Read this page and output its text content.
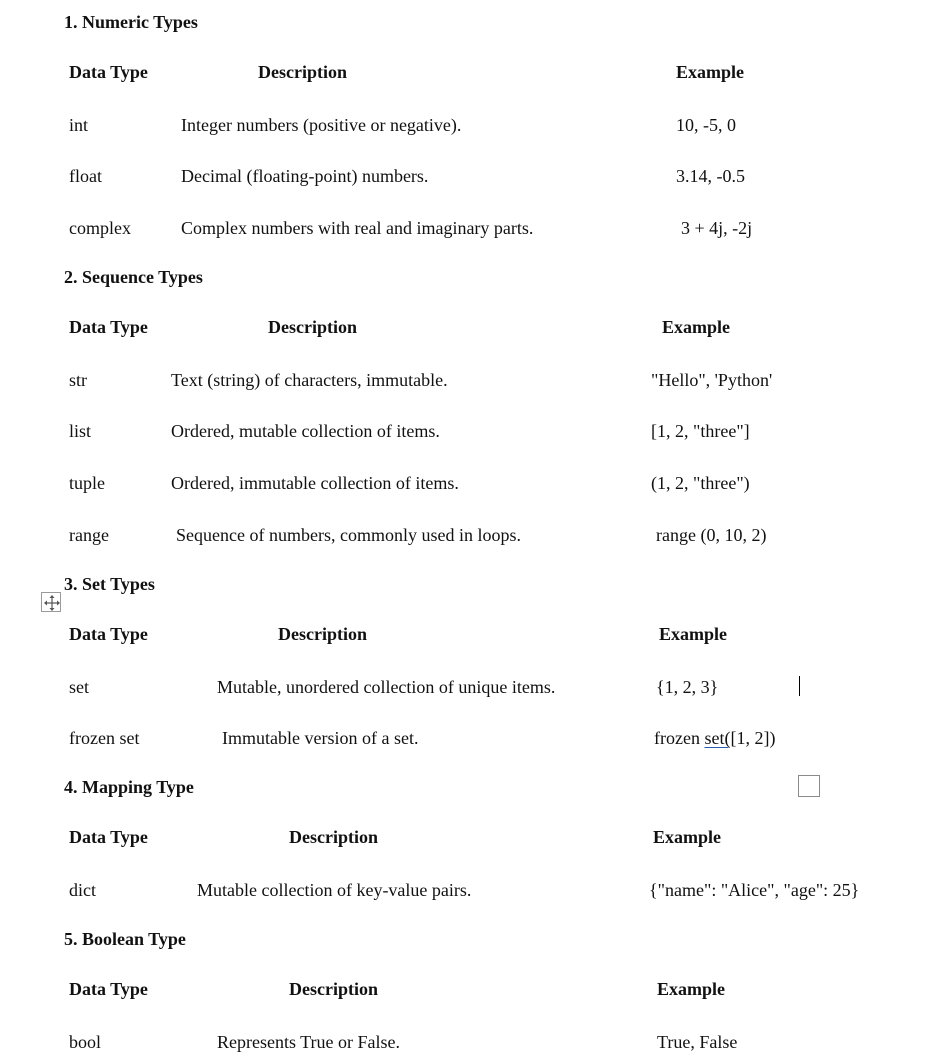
1. Numeric Types
Data Type	Description	Example
int	Integer numbers (positive or negative).	10, -5, 0
float	Decimal (floating-point) numbers.	3.14, -0.5
complex	Complex numbers with real and imaginary parts.	3 + 4j, -2j
2. Sequence Types
Data Type	Description	Example
str	Text (string) of characters, immutable.	"Hello", 'Python'
list	Ordered, mutable collection of items.	[1, 2, "three"]
tuple	Ordered, immutable collection of items.	(1, 2, "three")
range	Sequence of numbers, commonly used in loops.	range (0, 10, 2)
3. Set Types
Data Type	Description	Example
set	Mutable, unordered collection of unique items.	{1, 2, 3}
frozen set	Immutable version of a set.	frozen set([1, 2])
4. Mapping Type
Data Type	Description	Example
dict	Mutable collection of key-value pairs.	{"name": "Alice", "age": 25}
5. Boolean Type
Data Type	Description	Example
bool	Represents True or False.	True, False
